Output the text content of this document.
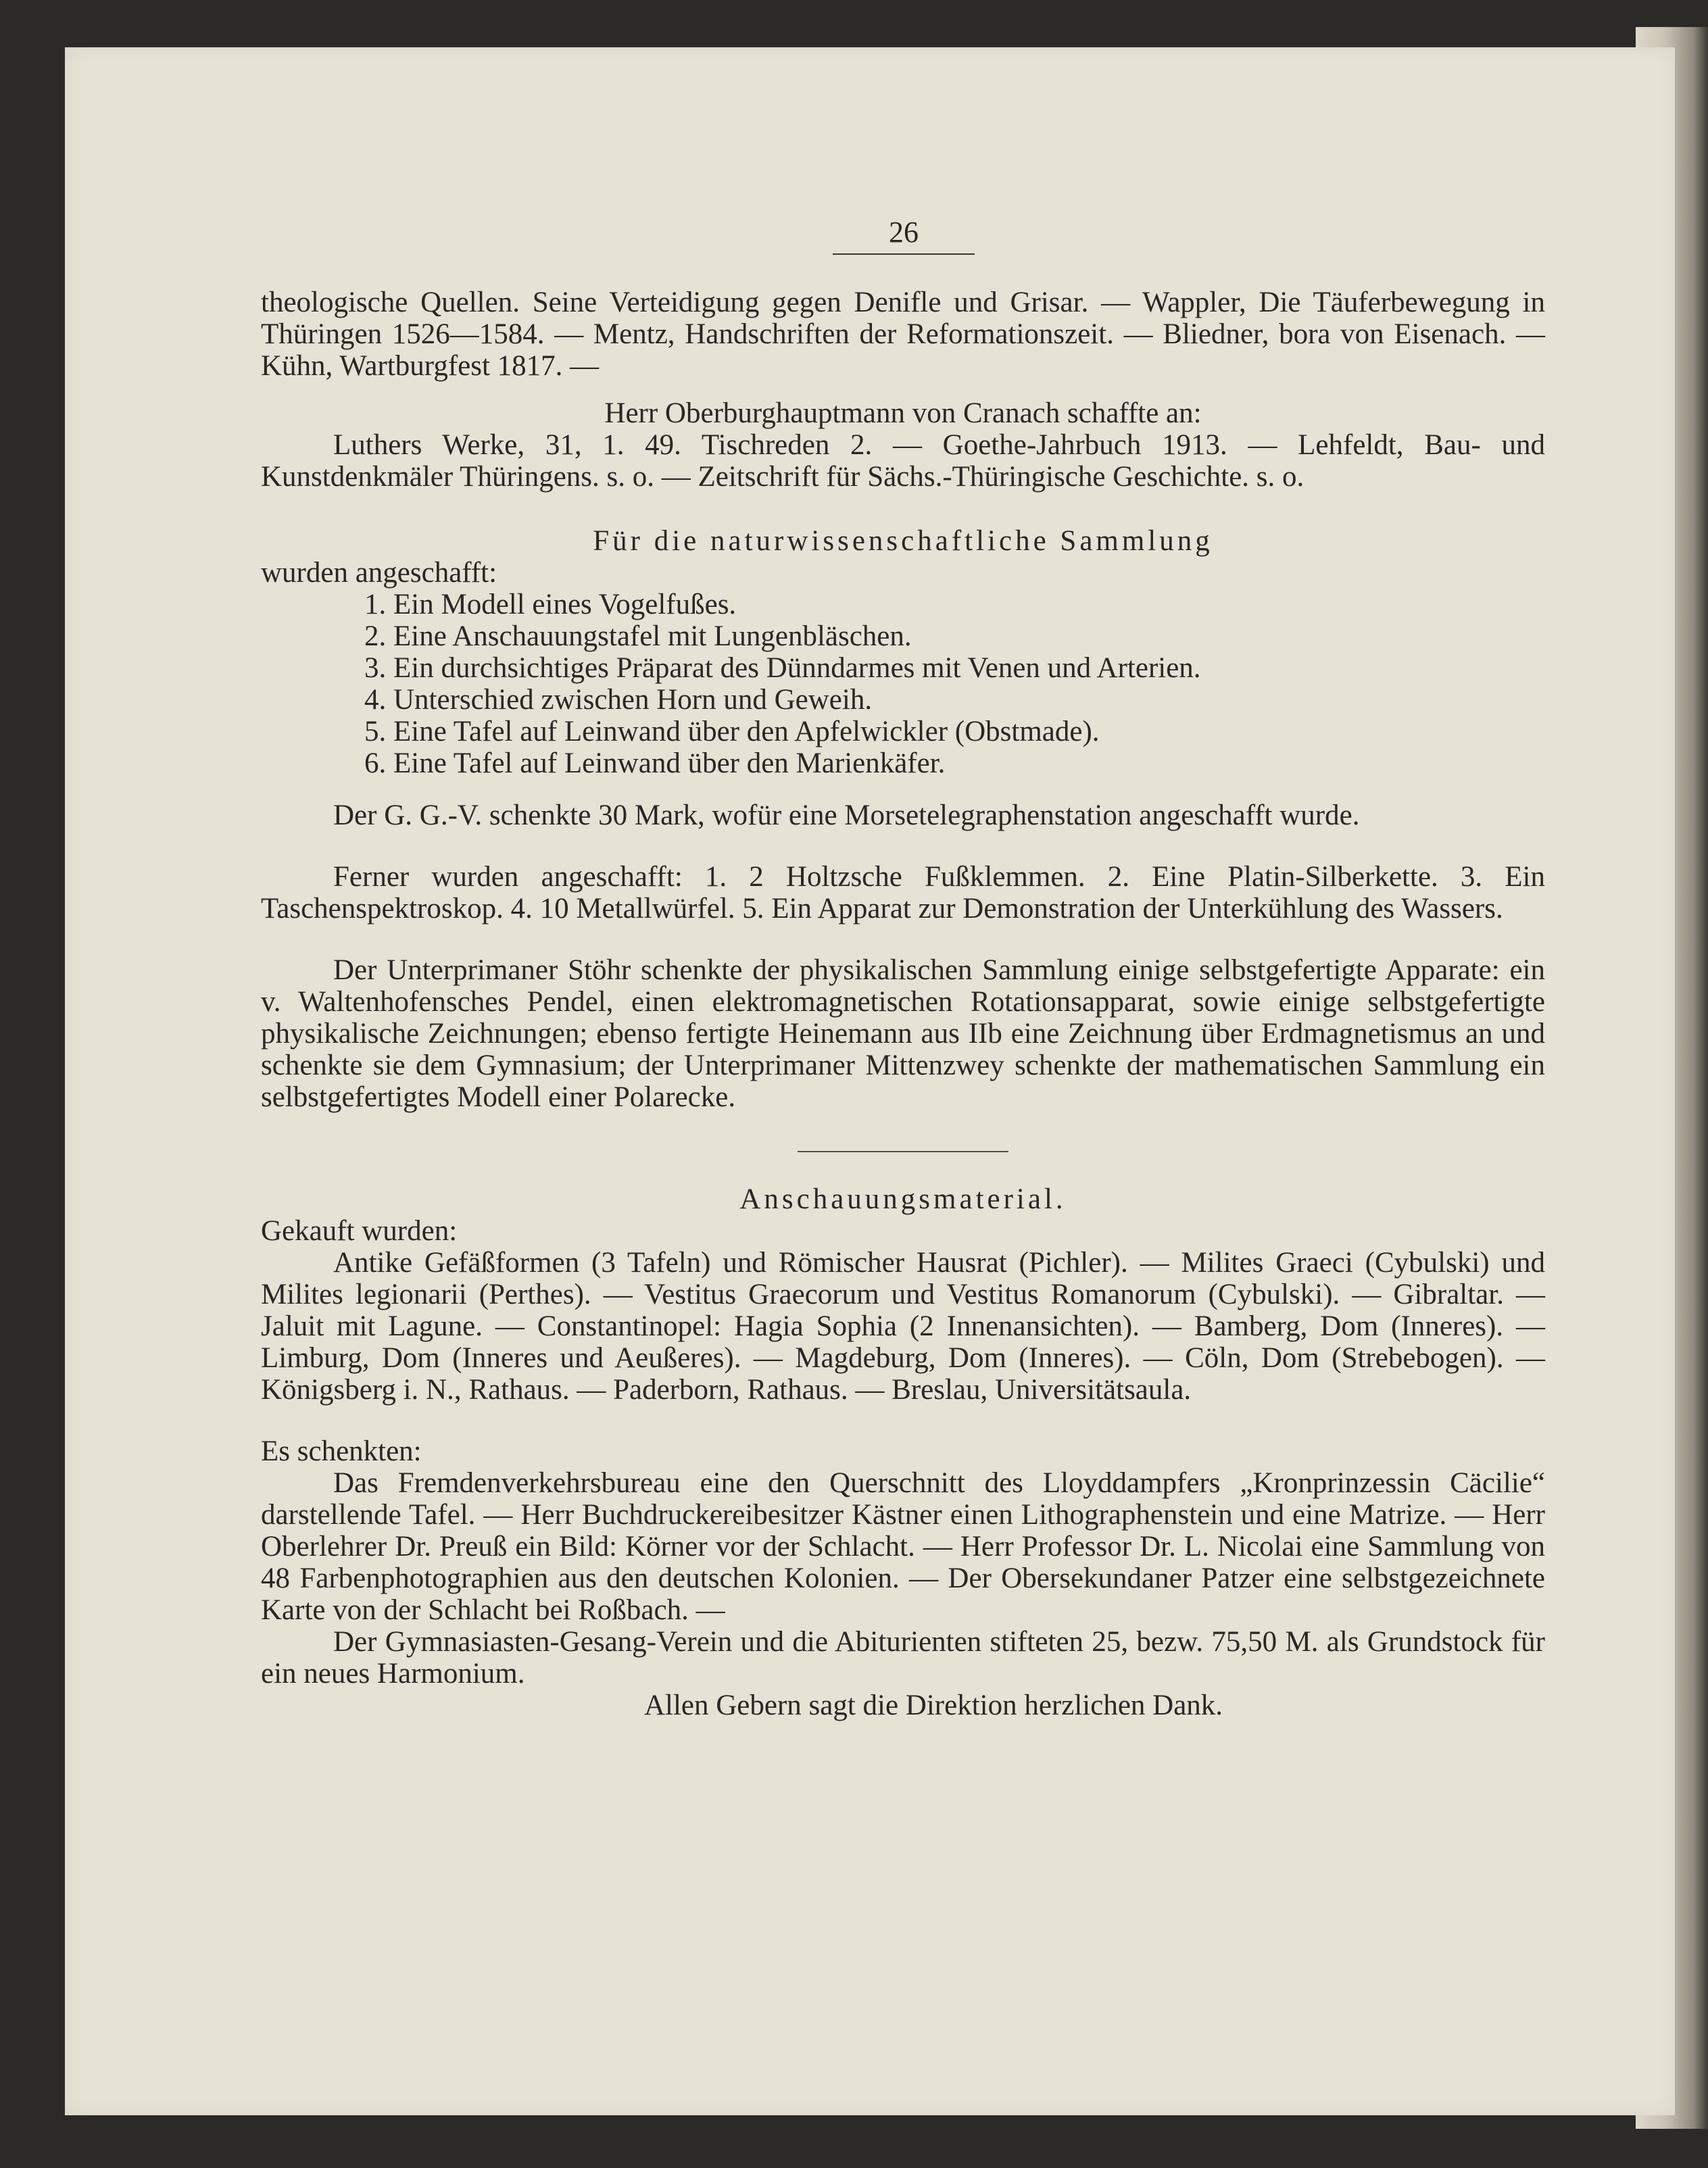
26

theologische Quellen. Seine Verteidigung gegen Denifle und Grisar. — Wappler, Die Täuferbewegung in Thüringen 1526—1584. — Mentz, Handschriften der Reformationszeit. — Bliedner, bora von Eisenach. — Kühn, Wartburgfest 1817. —

Herr Oberburghauptmann von Cranach schaffte an:

Luthers Werke, 31, 1. 49. Tischreden 2. — Goethe-Jahrbuch 1913. — Lehfeldt, Bau- und Kunstdenkmäler Thüringens. s. o. — Zeitschrift für Sächs.-Thüringische Geschichte. s. o.

Für die naturwissenschaftliche Sammlung

wurden angeschafft:

1. Ein Modell eines Vogelfußes.
2. Eine Anschauungstafel mit Lungenbläschen.
3. Ein durchsichtiges Präparat des Dünndarmes mit Venen und Arterien.
4. Unterschied zwischen Horn und Geweih.
5. Eine Tafel auf Leinwand über den Apfelwickler (Obstmade).
6. Eine Tafel auf Leinwand über den Marienkäfer.

Der G. G.-V. schenkte 30 Mark, wofür eine Morsetelegraphenstation angeschafft wurde.

Ferner wurden angeschafft: 1. 2 Holtzsche Fußklemmen. 2. Eine Platin-Silberkette. 3. Ein Taschenspektroskop. 4. 10 Metallwürfel. 5. Ein Apparat zur Demonstration der Unterkühlung des Wassers.

Der Unterprimaner Stöhr schenkte der physikalischen Sammlung einige selbstgefertigte Apparate: ein v. Waltenhofensches Pendel, einen elektromagnetischen Rotationsapparat, sowie einige selbstgefertigte physikalische Zeichnungen; ebenso fertigte Heinemann aus IIb eine Zeichnung über Erdmagnetismus an und schenkte sie dem Gymnasium; der Unterprimaner Mittenzwey schenkte der mathematischen Sammlung ein selbstgefertigtes Modell einer Polarecke.

Anschauungsmaterial.

Gekauft wurden:

Antike Gefäßformen (3 Tafeln) und Römischer Hausrat (Pichler). — Milites Graeci (Cybulski) und Milites legionarii (Perthes). — Vestitus Graecorum und Vestitus Romanorum (Cybulski). — Gibraltar. — Jaluit mit Lagune. — Constantinopel: Hagia Sophia (2 Innenansichten). — Bamberg, Dom (Inneres). — Limburg, Dom (Inneres und Aeußeres). — Magdeburg, Dom (Inneres). — Cöln, Dom (Strebebogen). — Königsberg i. N., Rathaus. — Paderborn, Rathaus. — Breslau, Universitätsaula.

Es schenkten:

Das Fremdenverkehrsbureau eine den Querschnitt des Lloyddampfers „Kronprinzessin Cäcilie“ darstellende Tafel. — Herr Buchdruckereibesitzer Kästner einen Lithographenstein und eine Matrize. — Herr Oberlehrer Dr. Preuß ein Bild: Körner vor der Schlacht. — Herr Professor Dr. L. Nicolai eine Sammlung von 48 Farbenphotographien aus den deutschen Kolonien. — Der Obersekundaner Patzer eine selbstgezeichnete Karte von der Schlacht bei Roßbach. —

Der Gymnasiasten-Gesang-Verein und die Abiturienten stifteten 25, bezw. 75,50 M. als Grundstock für ein neues Harmonium.

Allen Gebern sagt die Direktion herzlichen Dank.
